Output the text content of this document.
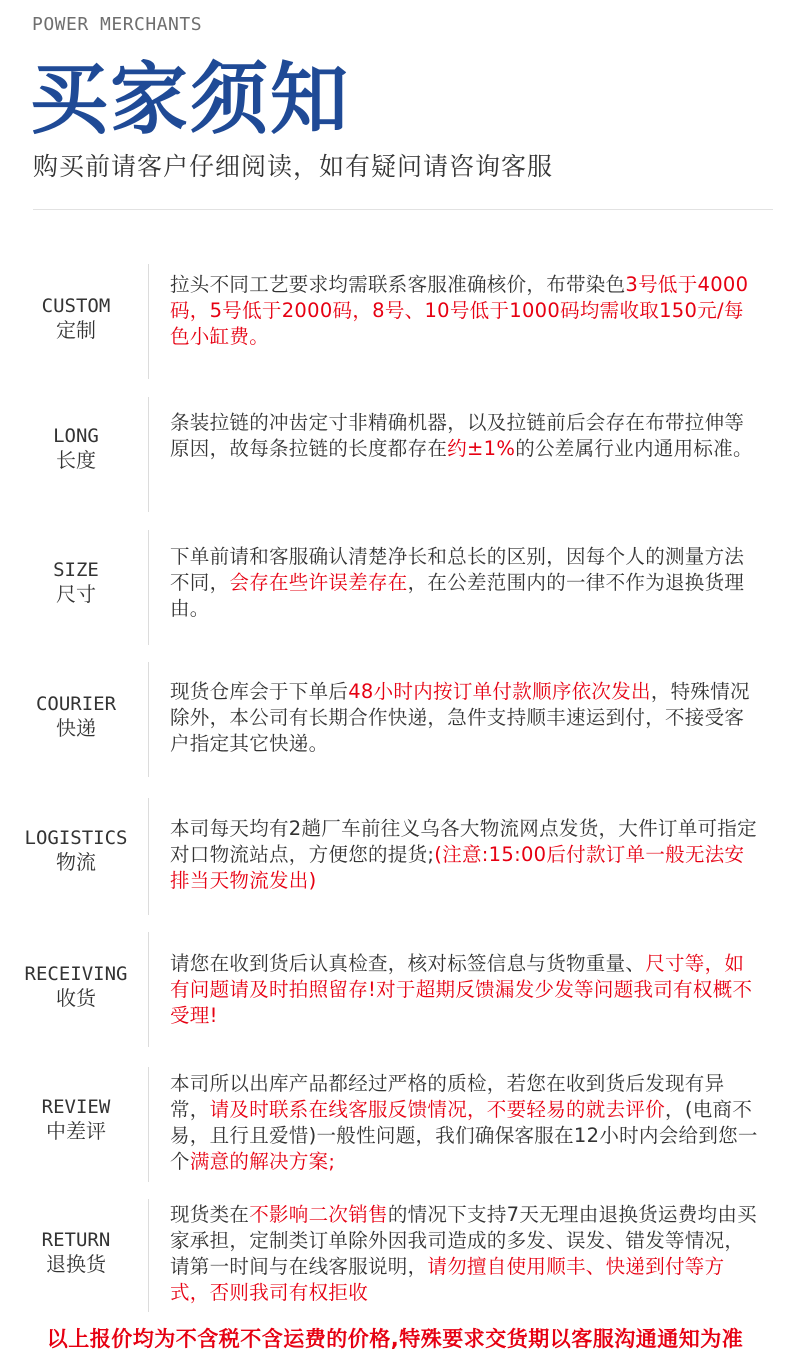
POWER MERCHANTS
买家须知
购买前请客户仔细阅读，如有疑问请咨询客服
CUSTOM
定制
拉头不同工艺要求均需联系客服准确核价，布带染色3号低于4000码，5号低于2000码，8号、10号低于1000码均需收取150元/每色小缸费。
LONG
长度
条装拉链的冲齿定寸非精确机器，以及拉链前后会存在布带拉伸等原因，故每条拉链的长度都存在约±1%的公差属行业内通用标准。
SIZE
尺寸
下单前请和客服确认清楚净长和总长的区别，因每个人的测量方法不同，会存在些许误差存在，在公差范围内的一律不作为退换货理由。
COURIER
快递
现货仓库会于下单后48小时内按订单付款顺序依次发出，特殊情况除外，本公司有长期合作快递，急件支持顺丰速运到付，不接受客户指定其它快递。
LOGISTICS
物流
本司每天均有2趟厂车前往义乌各大物流网点发货，大件订单可指定对口物流站点，方便您的提货;(注意:15:00后付款订单一般无法安排当天物流发出)
RECEIVING
收货
请您在收到货后认真检查，核对标签信息与货物重量、尺寸等，如有问题请及时拍照留存!对于超期反馈漏发少发等问题我司有权概不受理!
REVIEW
中差评
本司所以出库产品都经过严格的质检，若您在收到货后发现有异常，请及时联系在线客服反馈情况，不要轻易的就去评价，(电商不易，且行且爱惜)一般性问题，我们确保客服在12小时内会给到您一个满意的解决方案;
RETURN
退换货
现货类在不影响二次销售的情况下支持7天无理由退换货运费均由买家承担，定制类订单除外因我司造成的多发、误发、错发等情况，请第一时间与在线客服说明，请勿擅自使用顺丰、快递到付等方式，否则我司有权拒收
以上报价均为不含税不含运费的价格,特殊要求交货期以客服沟通通知为准
